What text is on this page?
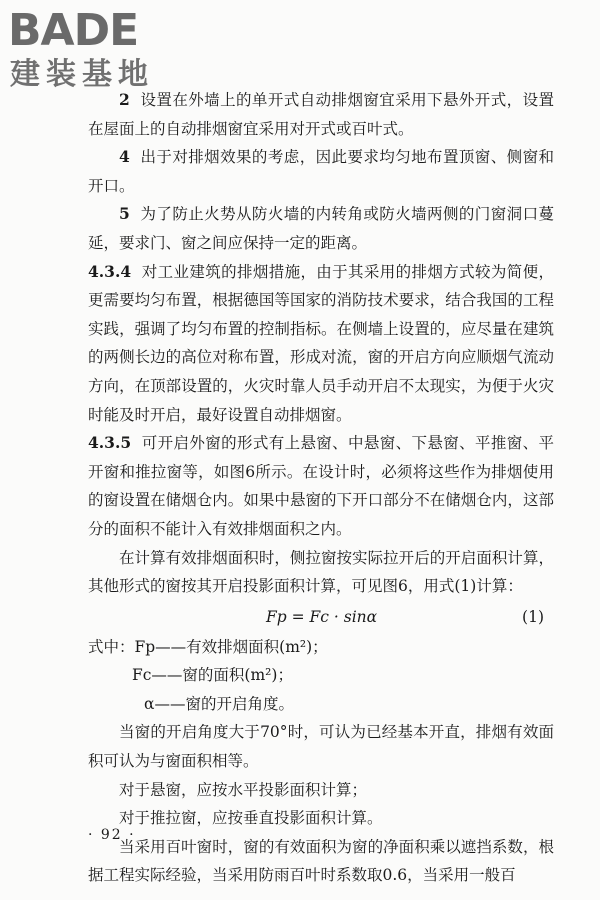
BADE
建装基地

2 设置在外墙上的单开式自动排烟窗宜采用下悬外开式，设置在屋面上的自动排烟窗宜采用对开式或百叶式。

4 出于对排烟效果的考虑，因此要求均匀地布置顶窗、侧窗和开口。

5 为了防止火势从防火墙的内转角或防火墙两侧的门窗洞口蔓延，要求门、窗之间应保持一定的距离。

4.3.4 对工业建筑的排烟措施，由于其采用的排烟方式较为简便，更需要均匀布置，根据德国等国家的消防技术要求，结合我国的工程实践，强调了均匀布置的控制指标。在侧墙上设置的，应尽量在建筑的两侧长边的高位对称布置，形成对流，窗的开启方向应顺烟气流动方向，在顶部设置的，火灾时靠人员手动开启不太现实，为便于火灾时能及时开启，最好设置自动排烟窗。

4.3.5 可开启外窗的形式有上悬窗、中悬窗、下悬窗、平推窗、平开窗和推拉窗等，如图6所示。在设计时，必须将这些作为排烟使用的窗设置在储烟仓内。如果中悬窗的下开口部分不在储烟仓内，这部分的面积不能计入有效排烟面积之内。

在计算有效排烟面积时，侧拉窗按实际拉开后的开启面积计算，其他形式的窗按其开启投影面积计算，可见图6，用式(1)计算：

Fp = Fc · sinα	(1)

式中：Fp——有效排烟面积(m²)；

Fc——窗的面积(m²)；

α——窗的开启角度。

当窗的开启角度大于70°时，可认为已经基本开直，排烟有效面积可认为与窗面积相等。

对于悬窗，应按水平投影面积计算；

对于推拉窗，应按垂直投影面积计算。

当采用百叶窗时，窗的有效面积为窗的净面积乘以遮挡系数，根据工程实际经验，当采用防雨百叶时系数取0.6，当采用一般百

· 92 ·
